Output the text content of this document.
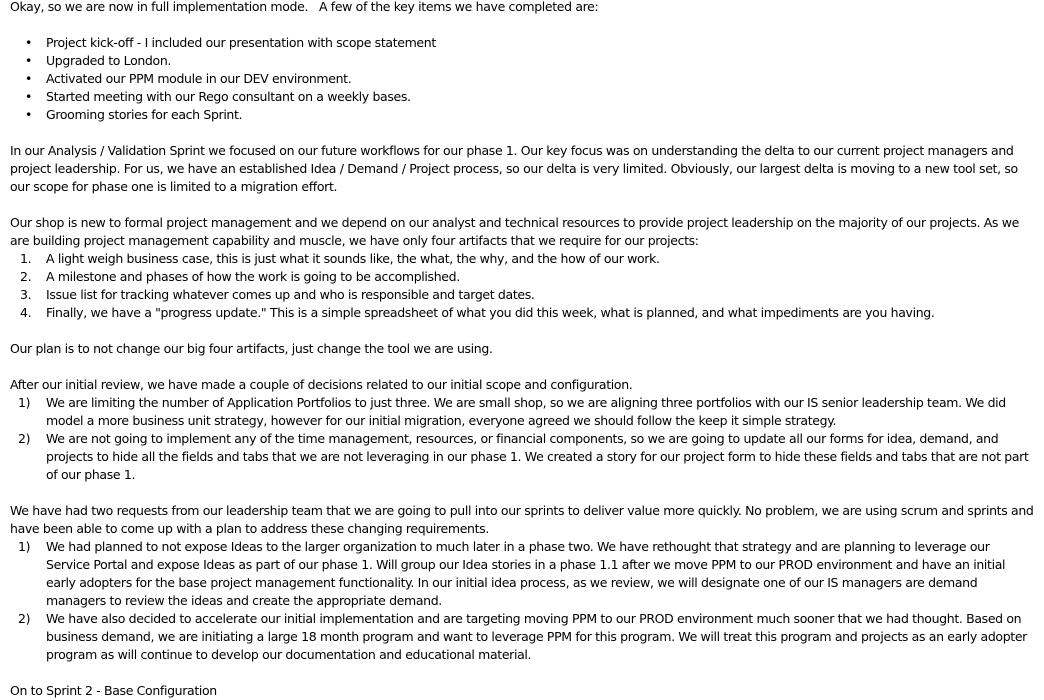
Okay, so we are now in full implementation mode.   A few of the key items we have completed are:

• Project kick-off - I included our presentation with scope statement
• Upgraded to London.
• Activated our PPM module in our DEV environment.
• Started meeting with our Rego consultant on a weekly bases.
• Grooming stories for each Sprint.

In our Analysis / Validation Sprint we focused on our future workflows for our phase 1. Our key focus was on understanding the delta to our current project managers and project leadership. For us, we have an established Idea / Demand / Project process, so our delta is very limited. Obviously, our largest delta is moving to a new tool set, so our scope for phase one is limited to a migration effort.

Our shop is new to formal project management and we depend on our analyst and technical resources to provide project leadership on the majority of our projects. As we are building project management capability and muscle, we have only four artifacts that we require for our projects:

1. A light weigh business case, this is just what it sounds like, the what, the why, and the how of our work.
2. A milestone and phases of how the work is going to be accomplished.
3. Issue list for tracking whatever comes up and who is responsible and target dates.
4. Finally, we have a "progress update." This is a simple spreadsheet of what you did this week, what is planned, and what impediments are you having.

Our plan is to not change our big four artifacts, just change the tool we are using.

After our initial review, we have made a couple of decisions related to our initial scope and configuration.

1) We are limiting the number of Application Portfolios to just three. We are small shop, so we are aligning three portfolios with our IS senior leadership team. We did model a more business unit strategy, however for our initial migration, everyone agreed we should follow the keep it simple strategy.
2) We are not going to implement any of the time management, resources, or financial components, so we are going to update all our forms for idea, demand, and projects to hide all the fields and tabs that we are not leveraging in our phase 1. We created a story for our project form to hide these fields and tabs that are not part of our phase 1.

We have had two requests from our leadership team that we are going to pull into our sprints to deliver value more quickly. No problem, we are using scrum and sprints and have been able to come up with a plan to address these changing requirements.

1) We had planned to not expose Ideas to the larger organization to much later in a phase two. We have rethought that strategy and are planning to leverage our Service Portal and expose Ideas as part of our phase 1. Will group our Idea stories in a phase 1.1 after we move PPM to our PROD environment and have an initial early adopters for the base project management functionality. In our initial idea process, as we review, we will designate one of our IS managers are demand managers to review the ideas and create the appropriate demand.
2) We have also decided to accelerate our initial implementation and are targeting moving PPM to our PROD environment much sooner that we had thought. Based on business demand, we are initiating a large 18 month program and want to leverage PPM for this program. We will treat this program and projects as an early adopter program as will continue to develop our documentation and educational material.

On to Sprint 2 - Base Configuration
